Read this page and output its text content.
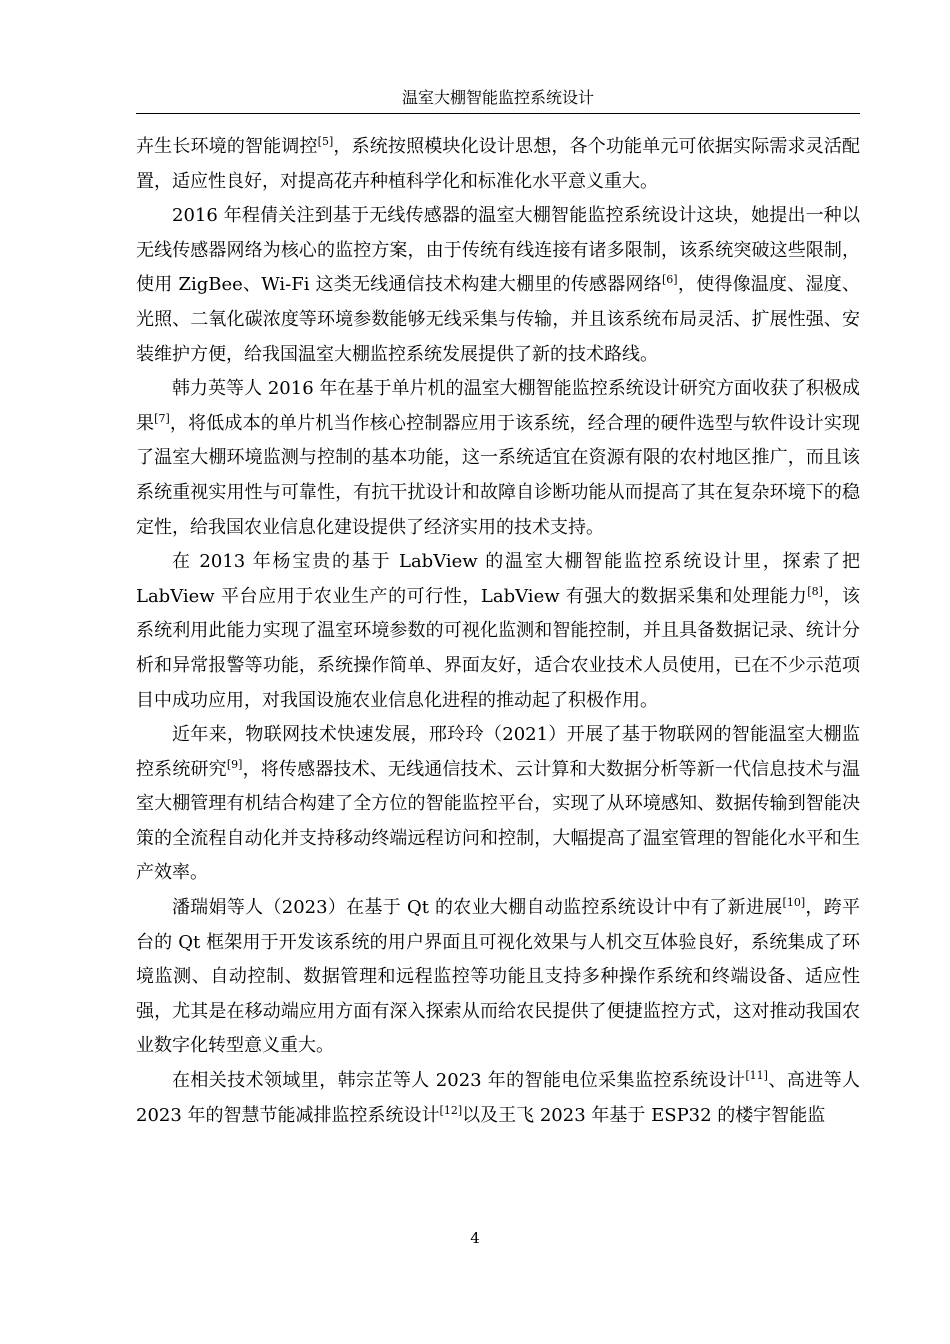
温室大棚智能监控系统设计

卉生长环境的智能调控[5]，系统按照模块化设计思想，各个功能单元可依据实际需求灵活配置，适应性良好，对提高花卉种植科学化和标准化水平意义重大。

2016 年程倩关注到基于无线传感器的温室大棚智能监控系统设计这块，她提出一种以无线传感器网络为核心的监控方案，由于传统有线连接有诸多限制，该系统突破这些限制，使用 ZigBee、Wi-Fi 这类无线通信技术构建大棚里的传感器网络[6]，使得像温度、湿度、光照、二氧化碳浓度等环境参数能够无线采集与传输，并且该系统布局灵活、扩展性强、安装维护方便，给我国温室大棚监控系统发展提供了新的技术路线。

韩力英等人 2016 年在基于单片机的温室大棚智能监控系统设计研究方面收获了积极成果[7]，将低成本的单片机当作核心控制器应用于该系统，经合理的硬件选型与软件设计实现了温室大棚环境监测与控制的基本功能，这一系统适宜在资源有限的农村地区推广，而且该系统重视实用性与可靠性，有抗干扰设计和故障自诊断功能从而提高了其在复杂环境下的稳定性，给我国农业信息化建设提供了经济实用的技术支持。

在 2013 年杨宝贵的基于 LabView 的温室大棚智能监控系统设计里，探索了把 LabView 平台应用于农业生产的可行性，LabView 有强大的数据采集和处理能力[8]，该系统利用此能力实现了温室环境参数的可视化监测和智能控制，并且具备数据记录、统计分析和异常报警等功能，系统操作简单、界面友好，适合农业技术人员使用，已在不少示范项目中成功应用，对我国设施农业信息化进程的推动起了积极作用。

近年来，物联网技术快速发展，邢玲玲（2021）开展了基于物联网的智能温室大棚监控系统研究[9]，将传感器技术、无线通信技术、云计算和大数据分析等新一代信息技术与温室大棚管理有机结合构建了全方位的智能监控平台，实现了从环境感知、数据传输到智能决策的全流程自动化并支持移动终端远程访问和控制，大幅提高了温室管理的智能化水平和生产效率。

潘瑞娟等人（2023）在基于 Qt 的农业大棚自动监控系统设计中有了新进展[10]，跨平台的 Qt 框架用于开发该系统的用户界面且可视化效果与人机交互体验良好，系统集成了环境监测、自动控制、数据管理和远程监控等功能且支持多种操作系统和终端设备、适应性强，尤其是在移动端应用方面有深入探索从而给农民提供了便捷监控方式，这对推动我国农业数字化转型意义重大。

在相关技术领域里，韩宗芷等人 2023 年的智能电位采集监控系统设计[11]、高进等人 2023 年的智慧节能减排监控系统设计[12]以及王飞 2023 年基于 ESP32 的楼宇智能监

4
